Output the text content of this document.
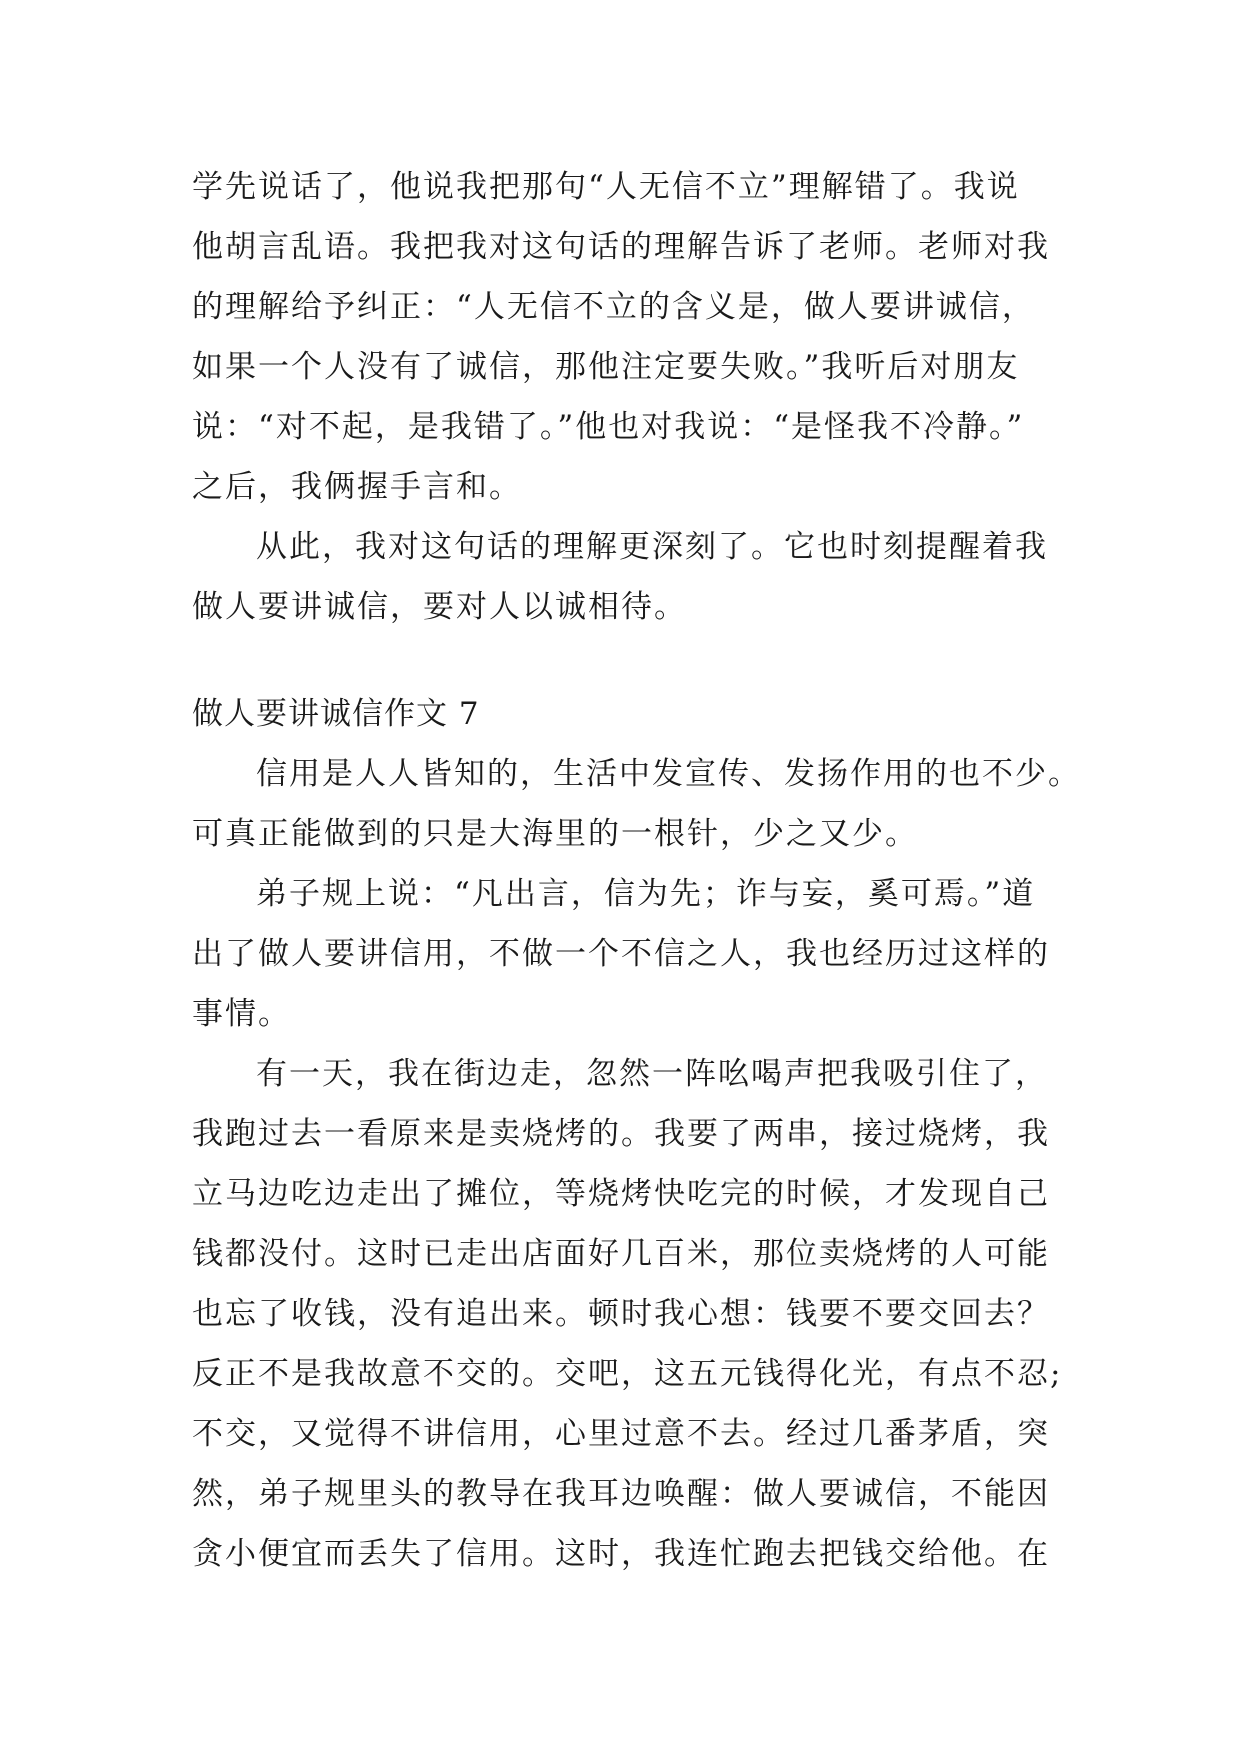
学先说话了，他说我把那句“人无信不立”理解错了。我说
他胡言乱语。我把我对这句话的理解告诉了老师。老师对我
的理解给予纠正：“人无信不立的含义是，做人要讲诚信，
如果一个人没有了诚信，那他注定要失败。”我听后对朋友
说：“对不起，是我错了。”他也对我说：“是怪我不冷静。”
之后，我俩握手言和。
从此，我对这句话的理解更深刻了。它也时刻提醒着我
做人要讲诚信，要对人以诚相待。
做人要讲诚信作文 7
信用是人人皆知的，生活中发宣传、发扬作用的也不少。
可真正能做到的只是大海里的一根针，少之又少。
弟子规上说：“凡出言，信为先；诈与妄，奚可焉。”道
出了做人要讲信用，不做一个不信之人，我也经历过这样的
事情。
有一天，我在街边走，忽然一阵吆喝声把我吸引住了，
我跑过去一看原来是卖烧烤的。我要了两串，接过烧烤，我
立马边吃边走出了摊位，等烧烤快吃完的时候，才发现自己
钱都没付。这时已走出店面好几百米，那位卖烧烤的人可能
也忘了收钱，没有追出来。顿时我心想：钱要不要交回去？
反正不是我故意不交的。交吧，这五元钱得化光，有点不忍;
不交，又觉得不讲信用，心里过意不去。经过几番茅盾，突
然，弟子规里头的教导在我耳边唤醒：做人要诚信，不能因
贪小便宜而丢失了信用。这时，我连忙跑去把钱交给他。在
